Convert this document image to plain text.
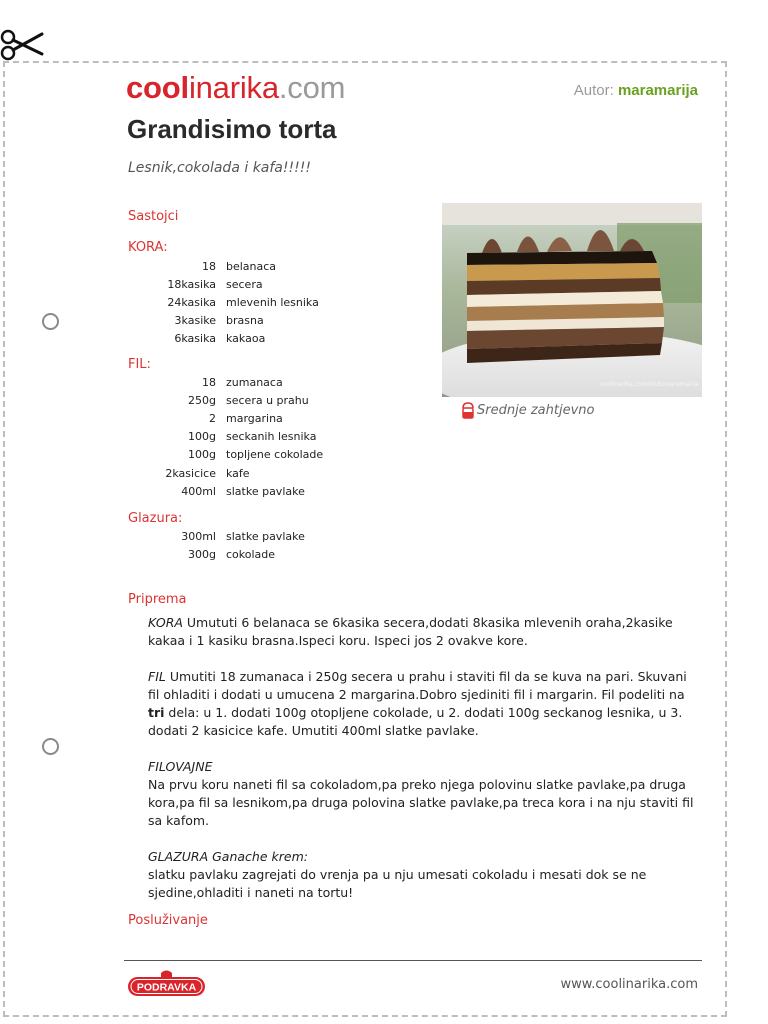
coolinarika.com	Autor: maramarija
Grandisimo torta
Lesnik,cokolada i kafa!!!!!
Sastojci
KORA:
18 belanaca
18kasika secera
24kasika mlevenih lesnika
3kasike brasna
6kasika kakaoa
FIL:
18 zumanaca
250g secera u prahu
2 margarina
100g seckanih lesnika
100g topljene cokolade
2kasicice kafe
400ml slatke pavlake
Glazura:
300ml slatke pavlake
300g cokolade
coolinarika.com/klub/maramarija
Srednje zahtjevno
Priprema

KORA Umututi 6 belanaca se 6kasika secera,dodati 8kasika mlevenih oraha,2kasike kakaa i 1 kasiku brasna.Ispeci koru. Ispeci jos 2 ovakve kore.

FIL Umutiti 18 zumanaca i 250g secera u prahu i staviti fil da se kuva na pari. Skuvani fil ohladiti i dodati u umucena 2 margarina.Dobro sjediniti fil i margarin. Fil podeliti na tri dela: u 1. dodati 100g otopljene cokolade, u 2. dodati 100g seckanog lesnika, u 3. dodati 2 kasicice kafe. Umutiti 400ml slatke pavlake.

FILOVAJNE
Na prvu koru naneti fil sa cokoladom,pa preko njega polovinu slatke pavlake,pa druga kora,pa fil sa lesnikom,pa druga polovina slatke pavlake,pa treca kora i na nju staviti fil sa kafom.

GLAZURA Ganache krem:
slatku pavlaku zagrejati do vrenja pa u nju umesati cokoladu i mesati dok se ne sjedine,ohladiti i naneti na tortu!

Posluživanje
PODRAVKA	www.coolinarika.com
